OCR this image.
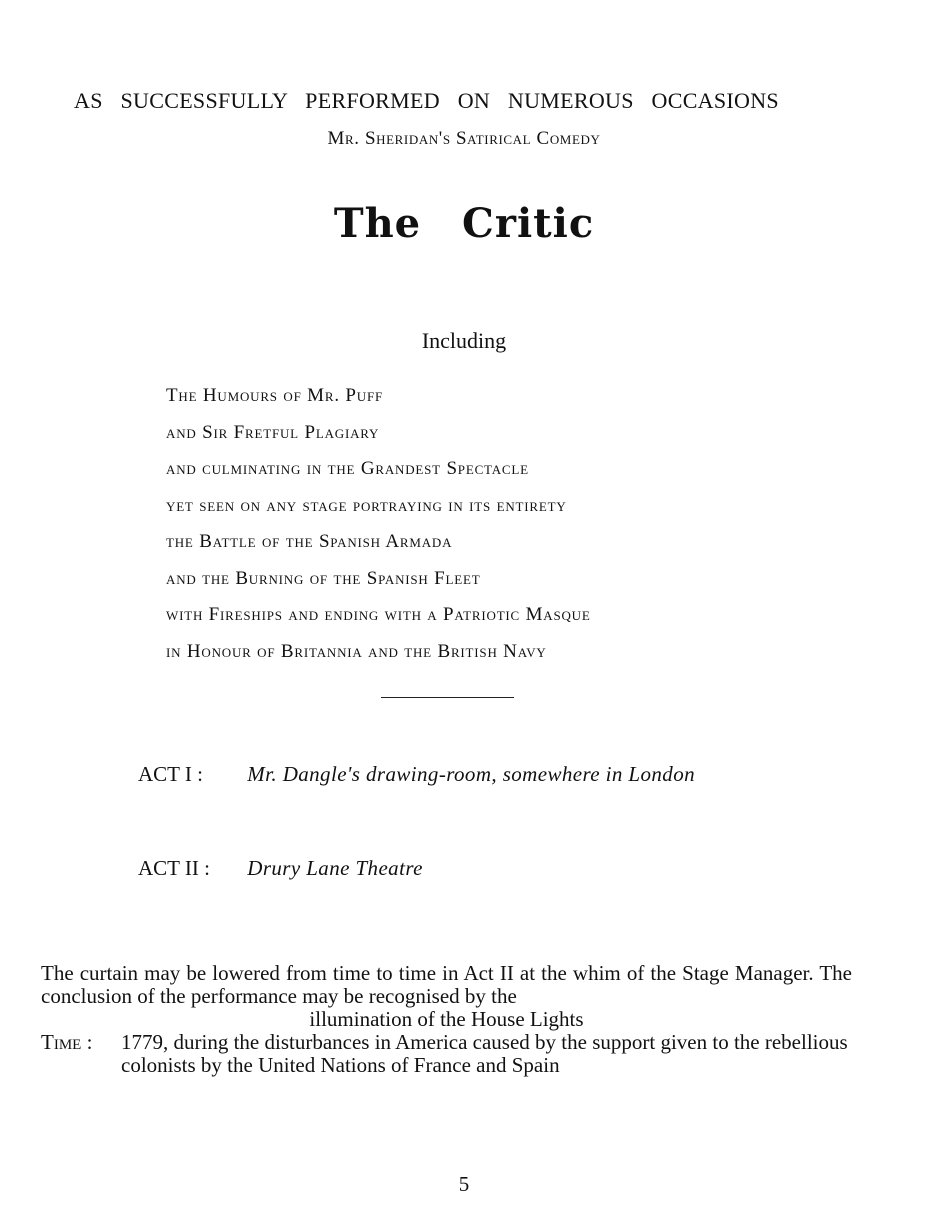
AS SUCCESSFULLY PERFORMED ON NUMEROUS OCCASIONS
Mr. Sheridan's Satirical Comedy
The Critic
Including
The Humours of Mr. Puff
and Sir Fretful Plagiary
and culminating in the Grandest Spectacle
yet seen on any stage portraying in its entirety
the Battle of the Spanish Armada
and the Burning of the Spanish Fleet
with Fireships and ending with a Patriotic Masque
in Honour of Britannia and the British Navy
ACT I : Mr. Dangle's drawing-room, somewhere in London
ACT II : Drury Lane Theatre
The curtain may be lowered from time to time in Act II at the whim of the Stage Manager. The conclusion of the performance may be recognised by the
illumination of the House Lights
Time :	1779, during the disturbances in America caused by the support given to the rebellious colonists by the United Nations of France and Spain
5
